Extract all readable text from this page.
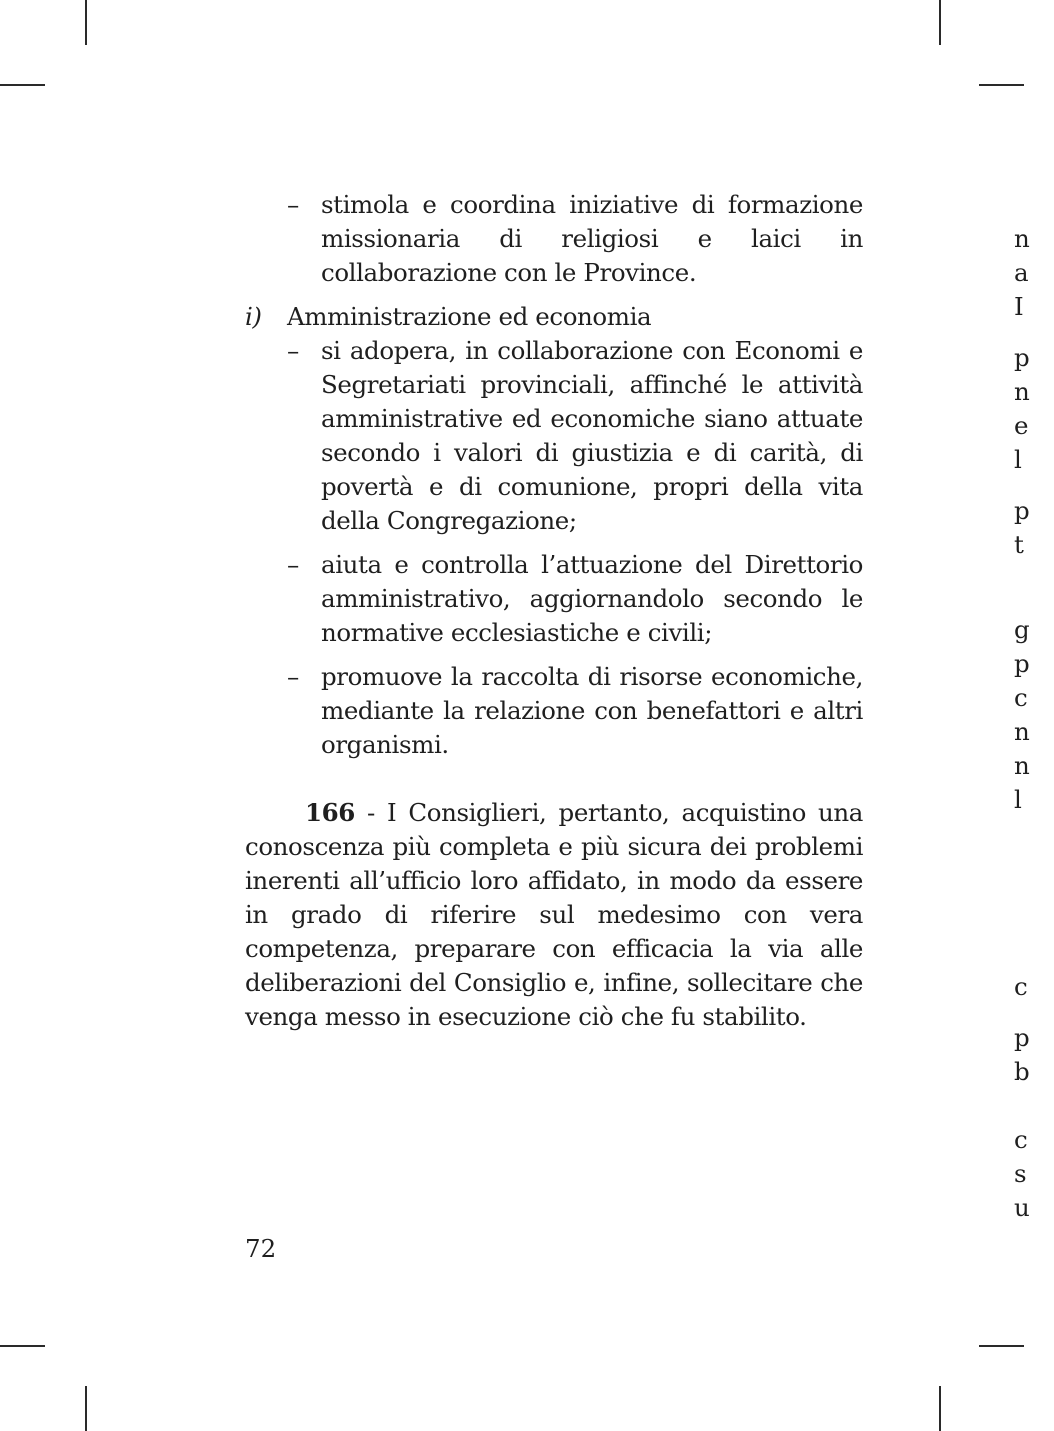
– stimola e coordina iniziative di formazione missionaria di religiosi e laici in collaborazione con le Province.
i)	Amministrazione ed economia
– si adopera, in collaborazione con Economi e Segretariati provinciali, affinché le attività amministrative ed economiche siano attuate secondo i valori di giustizia e di carità, di povertà e di comunione, propri della vita della Congregazione;
– aiuta e controlla l’attuazione del Direttorio amministrativo, aggiornandolo secondo le normative ecclesiastiche e civili;
– promuove la raccolta di risorse economiche, mediante la relazione con benefattori e altri organismi.

166 - I Consiglieri, pertanto, acquistino una conoscenza più completa e più sicura dei problemi inerenti all’ufficio loro affidato, in modo da essere in grado di riferire sul medesimo con vera competenza, preparare con efficacia la via alle deliberazioni del Consiglio e, infine, sollecitare che venga messo in esecuzione ciò che fu stabilito.

72
n
a
I
p
n
e
l
p
t
g
p
c
n
n
l
c
p
b
c
s
u
